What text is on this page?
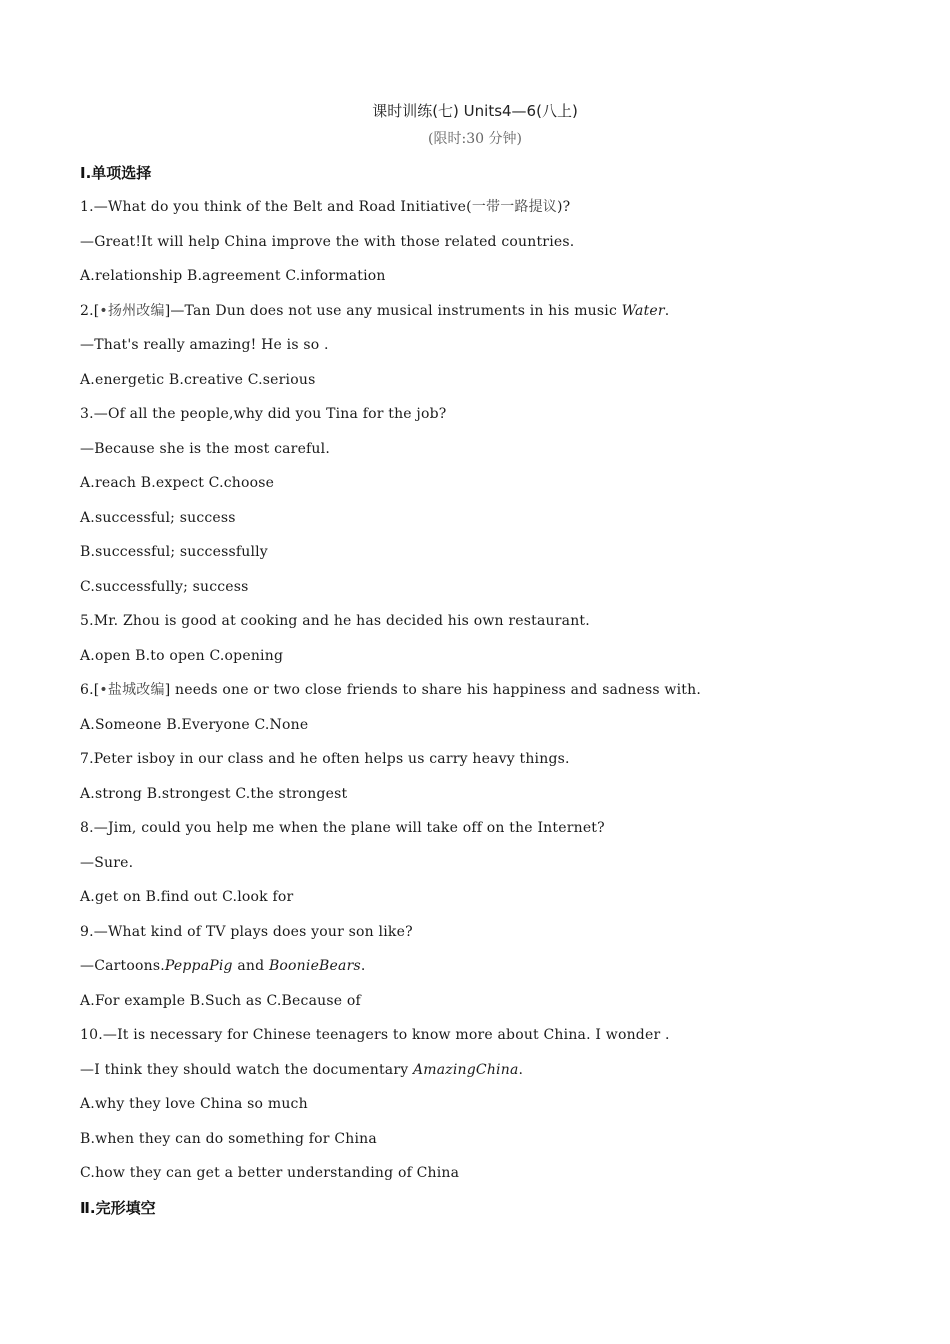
课时训练(七) Units4—6(八上)
(限时:30 分钟)
Ⅰ.单项选择
1.—What do you think of the Belt and Road Initiative(一带一路提议)?
—Great!It will help China improve the with those related countries.
A.relationship B.agreement C.information
2.[•扬州改编]—Tan Dun does not use any musical instruments in his music Water.
—That's really amazing! He is so .
A.energetic B.creative C.serious
3.—Of all the people,why did you Tina for the job?
—Because she is the most careful.
A.reach B.expect C.choose
A.successful; success
B.successful; successfully
C.successfully; success
5.Mr. Zhou is good at cooking and he has decided his own restaurant.
A.open B.to open C.opening
6.[•盐城改编] needs one or two close friends to share his happiness and sadness with.
A.Someone B.Everyone C.None
7.Peter isboy in our class and he often helps us carry heavy things.
A.strong B.strongest C.the strongest
8.—Jim, could you help me when the plane will take off on the Internet?
—Sure.
A.get on B.find out C.look for
9.—What kind of TV plays does your son like?
—Cartoons.PeppaPig and BoonieBears.
A.For example B.Such as C.Because of
10.—It is necessary for Chinese teenagers to know more about China. I wonder .
—I think they should watch the documentary AmazingChina.
A.why they love China so much
B.when they can do something for China
C.how they can get a better understanding of China
Ⅱ.完形填空
